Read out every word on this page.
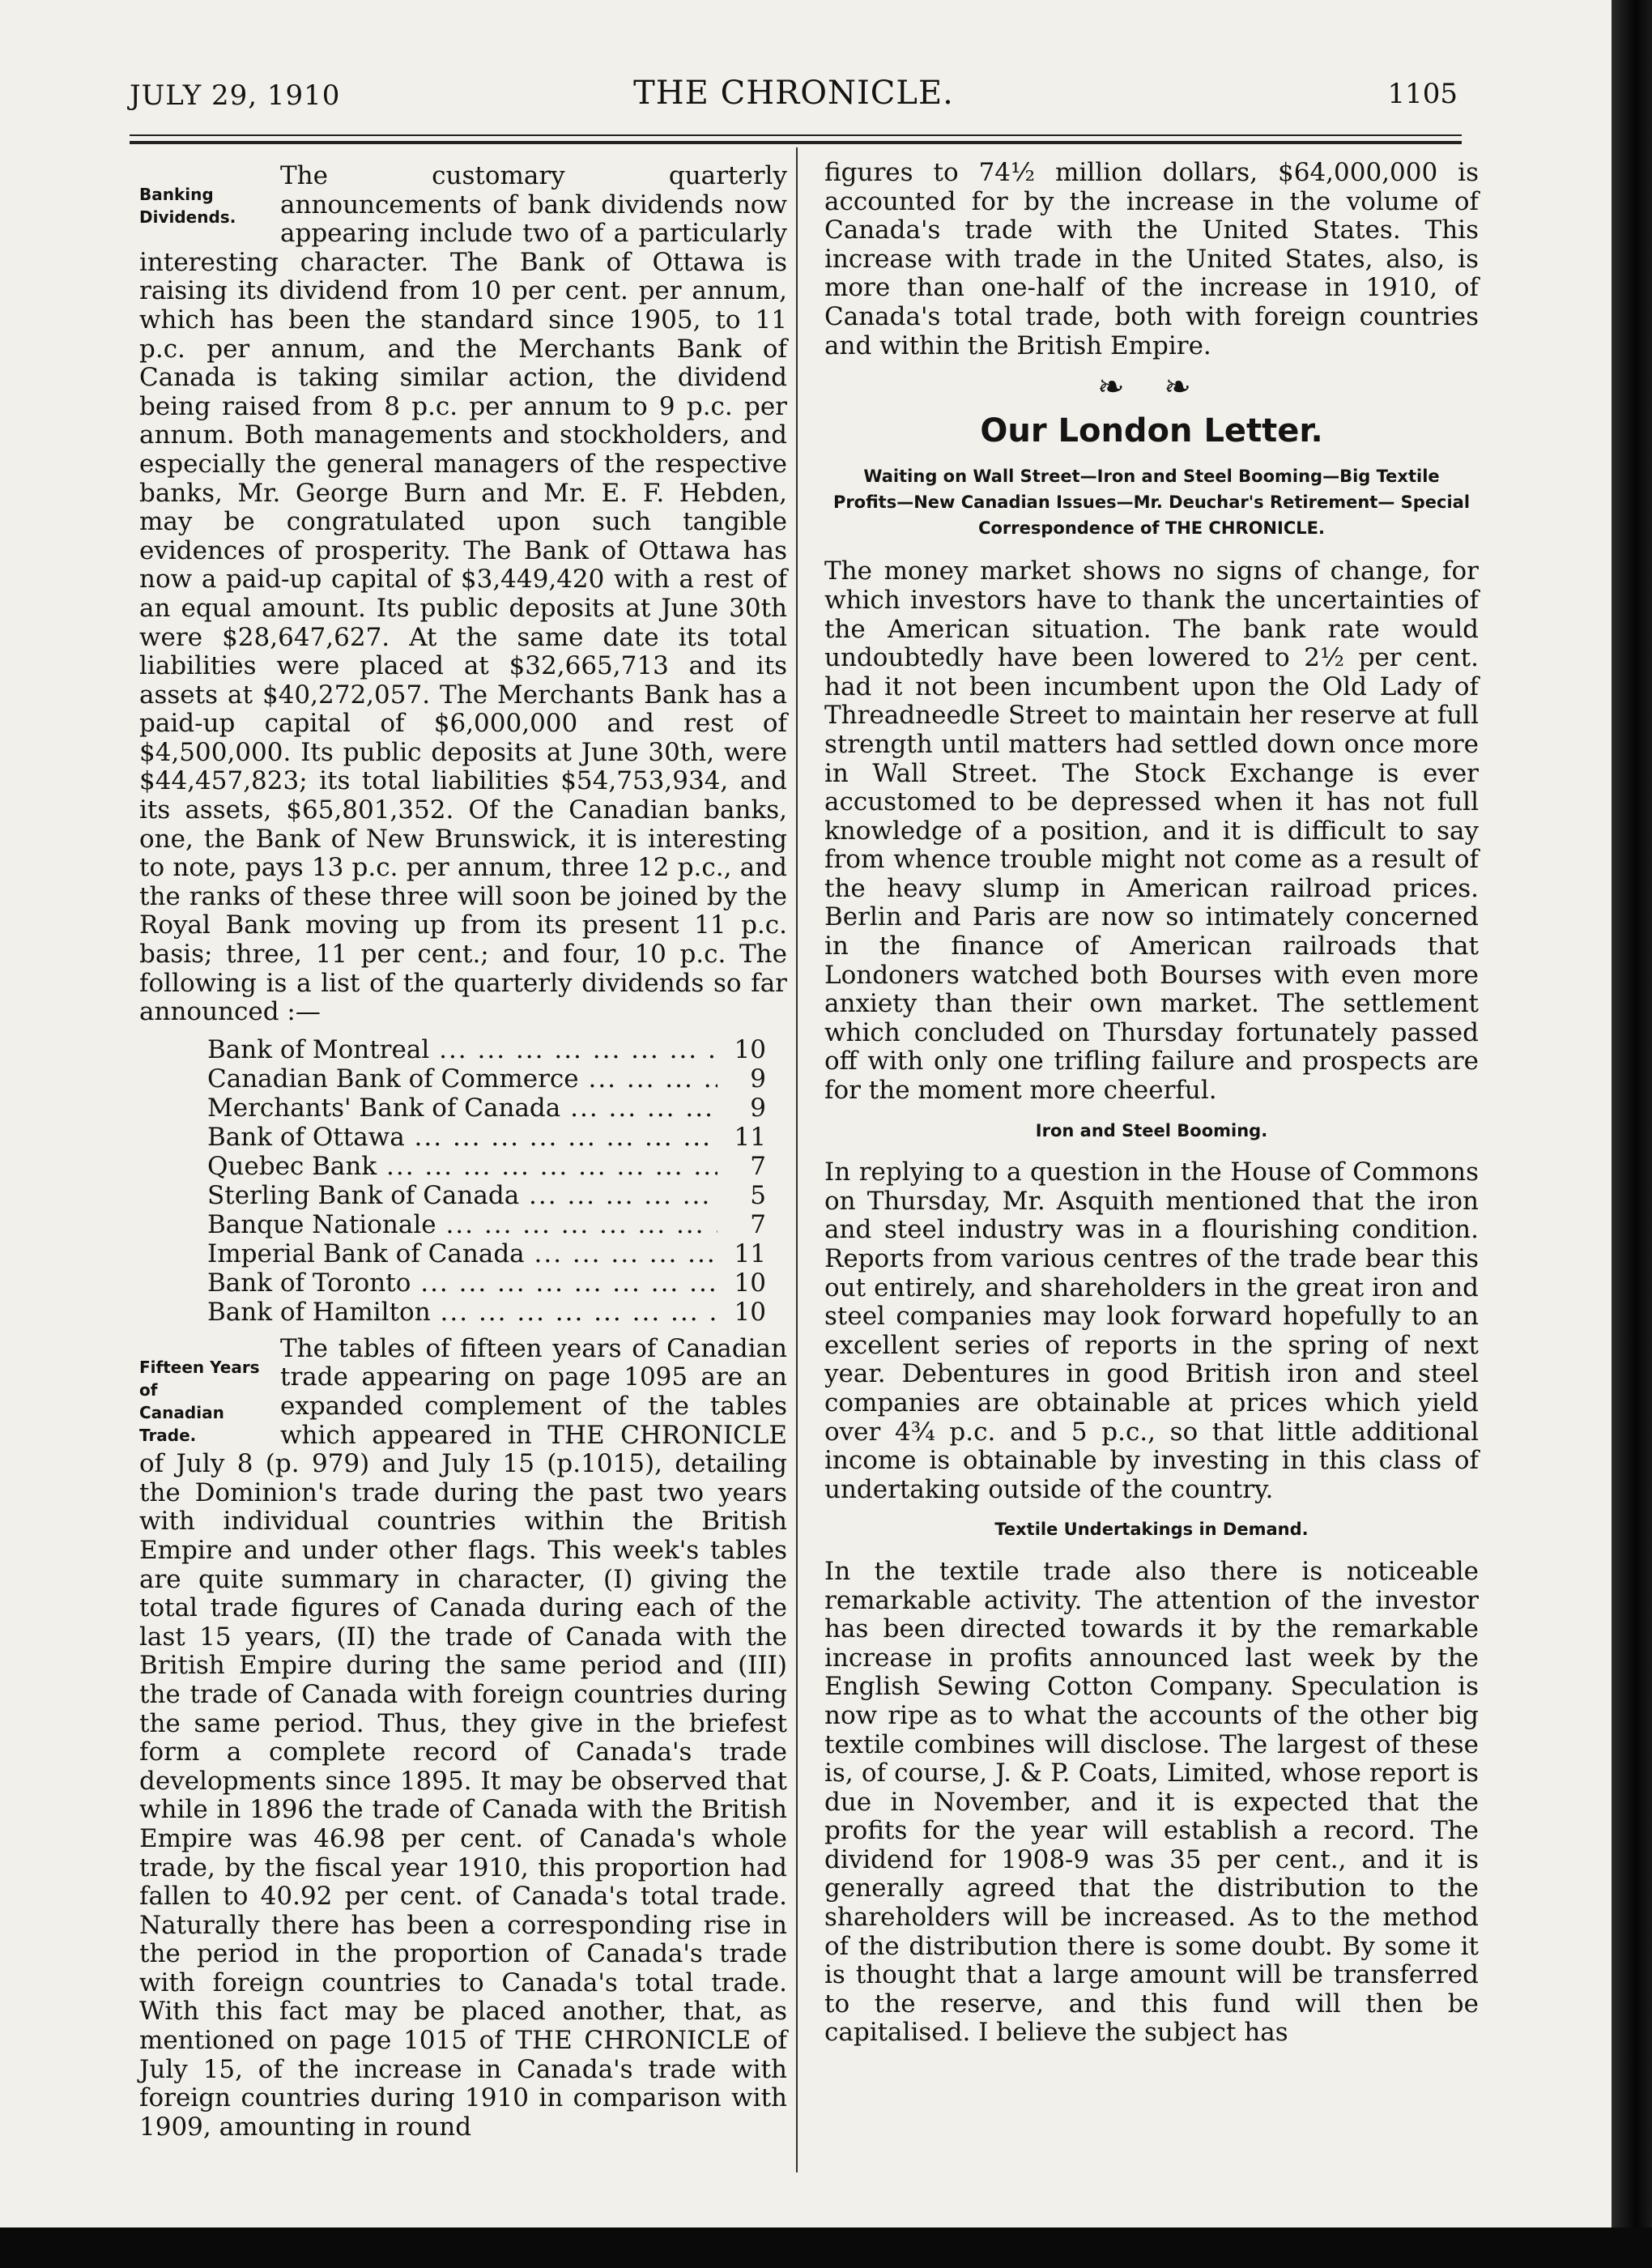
JULY 29, 1910	THE CHRONICLE.	1105
Banking
Dividends.

The customary quarterly announcements of bank dividends now appearing include two of a particularly interesting character. The Bank of Ottawa is raising its dividend from 10 per cent. per annum, which has been the standard since 1905, to 11 p.c. per annum, and the Merchants Bank of Canada is taking similar action, the dividend being raised from 8 p.c. per annum to 9 p.c. per annum. Both managements and stockholders, and especially the general managers of the respective banks, Mr. George Burn and Mr. E. F. Hebden, may be congratulated upon such tangible evidences of prosperity. The Bank of Ottawa has now a paid-up capital of $3,449,420 with a rest of an equal amount. Its public deposits at June 30th were $28,647,627. At the same date its total liabilities were placed at $32,665,713 and its assets at $40,272,057. The Merchants Bank has a paid-up capital of $6,000,000 and rest of $4,500,000. Its public deposits at June 30th, were $44,457,823; its total liabilities $54,753,934, and its assets, $65,801,352. Of the Canadian banks, one, the Bank of New Brunswick, it is interesting to note, pays 13 p.c. per annum, three 12 p.c., and the ranks of these three will soon be joined by the Royal Bank moving up from its present 11 p.c. basis; three, 11 per cent.; and four, 10 p.c. The following is a list of the quarterly dividends so far announced :—

Bank of Montreal ... .	10
Canadian Bank of Commerce ... .	9
Merchants' Bank of Canada ... .	9
Bank of Ottawa ... .	11
Quebec Bank ... .	7
Sterling Bank of Canada ... .	5
Banque Nationale ... .	7
Imperial Bank of Canada ... .	11
Bank of Toronto ... .	10
Bank of Hamilton ... .	10
Fifteen Years of
Canadian Trade.

The tables of fifteen years of Canadian trade appearing on page 1095 are an expanded complement of the tables which appeared in THE CHRONICLE of July 8 (p. 979) and July 15 (p.1015), detailing the Dominion's trade during the past two years with individual countries within the British Empire and under other flags. This week's tables are quite summary in character, (I) giving the total trade figures of Canada during each of the last 15 years, (II) the trade of Canada with the British Empire during the same period and (III) the trade of Canada with foreign countries during the same period. Thus, they give in the briefest form a complete record of Canada's trade developments since 1895. It may be observed that while in 1896 the trade of Canada with the British Empire was 46.98 per cent. of Canada's whole trade, by the fiscal year 1910, this proportion had fallen to 40.92 per cent. of Canada's total trade. Naturally there has been a corresponding rise in the period in the proportion of Canada's trade with foreign countries to Canada's total trade. With this fact may be placed another, that, as mentioned on page 1015 of THE CHRONICLE of July 15, of the increase in Canada's trade with foreign countries during 1910 in comparison with 1909, amounting in round

figures to 74½ million dollars, $64,000,000 is accounted for by the increase in the volume of Canada's trade with the United States. This increase with trade in the United States, also, is more than one-half of the increase in 1910, of Canada's total trade, both with foreign countries and within the British Empire.

❧ ❧
Our London Letter.
Waiting on Wall Street—Iron and Steel Booming—Big Textile Profits—New Canadian Issues—Mr. Deuchar's Retirement— Special Correspondence of THE CHRONICLE.

The money market shows no signs of change, for which investors have to thank the uncertainties of the American situation. The bank rate would undoubtedly have been lowered to 2½ per cent. had it not been incumbent upon the Old Lady of Threadneedle Street to maintain her reserve at full strength until matters had settled down once more in Wall Street. The Stock Exchange is ever accustomed to be depressed when it has not full knowledge of a position, and it is difficult to say from whence trouble might not come as a result of the heavy slump in American railroad prices. Berlin and Paris are now so intimately concerned in the finance of American railroads that Londoners watched both Bourses with even more anxiety than their own market. The settlement which concluded on Thursday fortunately passed off with only one trifling failure and prospects are for the moment more cheerful.

Iron and Steel Booming.

In replying to a question in the House of Commons on Thursday, Mr. Asquith mentioned that the iron and steel industry was in a flourishing condition. Reports from various centres of the trade bear this out entirely, and shareholders in the great iron and steel companies may look forward hopefully to an excellent series of reports in the spring of next year. Debentures in good British iron and steel companies are obtainable at prices which yield over 4¾ p.c. and 5 p.c., so that little additional income is obtainable by investing in this class of undertaking outside of the country.

Textile Undertakings in Demand.

In the textile trade also there is noticeable remarkable activity. The attention of the investor has been directed towards it by the remarkable increase in profits announced last week by the English Sewing Cotton Company. Speculation is now ripe as to what the accounts of the other big textile combines will disclose. The largest of these is, of course, J. & P. Coats, Limited, whose report is due in November, and it is expected that the profits for the year will establish a record. The dividend for 1908-9 was 35 per cent., and it is generally agreed that the distribution to the shareholders will be increased. As to the method of the distribution there is some doubt. By some it is thought that a large amount will be transferred to the reserve, and this fund will then be capitalised. I believe the subject has
